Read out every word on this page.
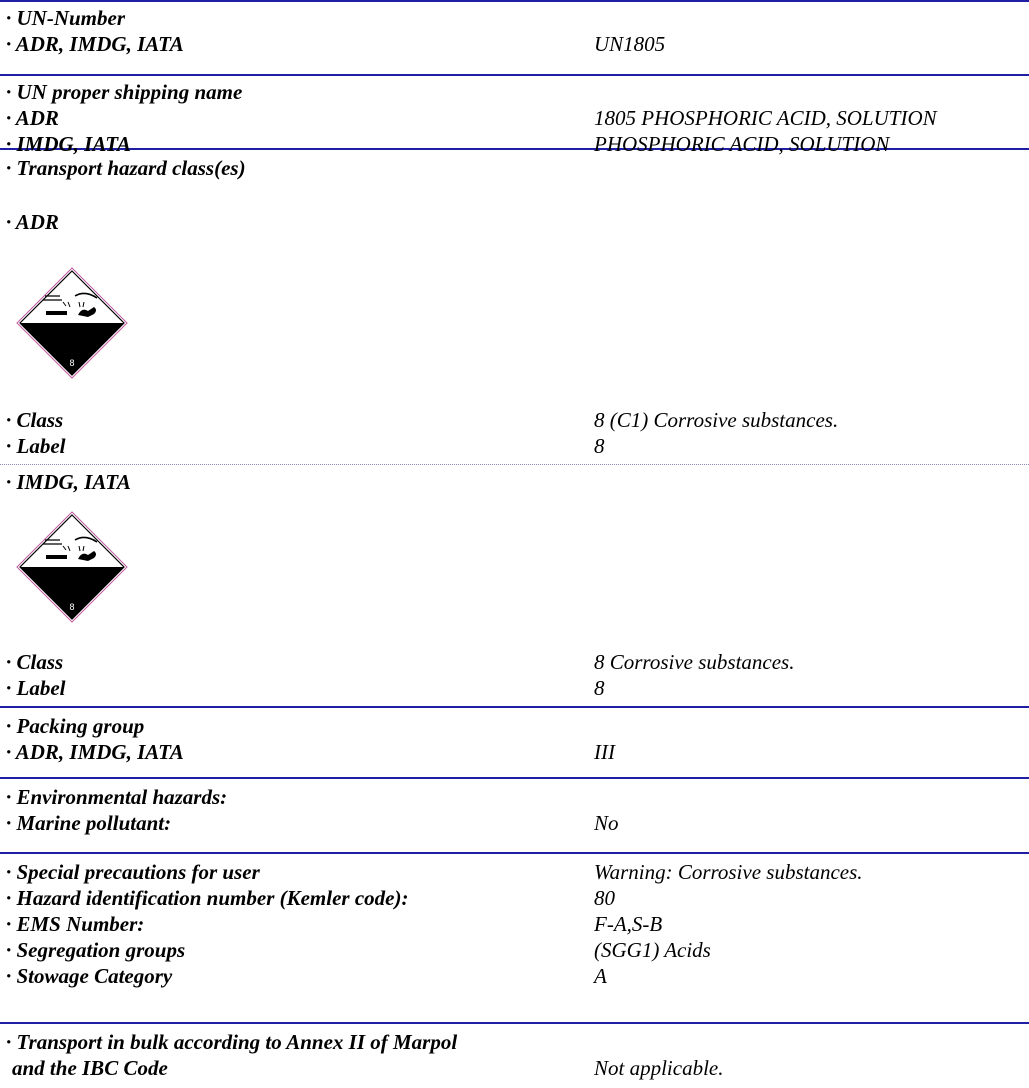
· UN-Number
· ADR, IMDG, IATA	UN1805
· UN proper shipping name
· ADR	1805 PHOSPHORIC ACID, SOLUTION
· IMDG, IATA	PHOSPHORIC ACID, SOLUTION
· Transport hazard class(es)
· ADR
8
· Class	8 (C1) Corrosive substances.
· Label	8
· IMDG, IATA
8
· Class	8 Corrosive substances.
· Label	8
· Packing group
· ADR, IMDG, IATA	III
· Environmental hazards:
· Marine pollutant:	No
· Special precautions for user	Warning: Corrosive substances.
· Hazard identification number (Kemler code):	80
· EMS Number:	F-A,S-B
· Segregation groups	(SGG1) Acids
· Stowage Category	A
· Transport in bulk according to Annex II of Marpol
and the IBC Code	Not applicable.
